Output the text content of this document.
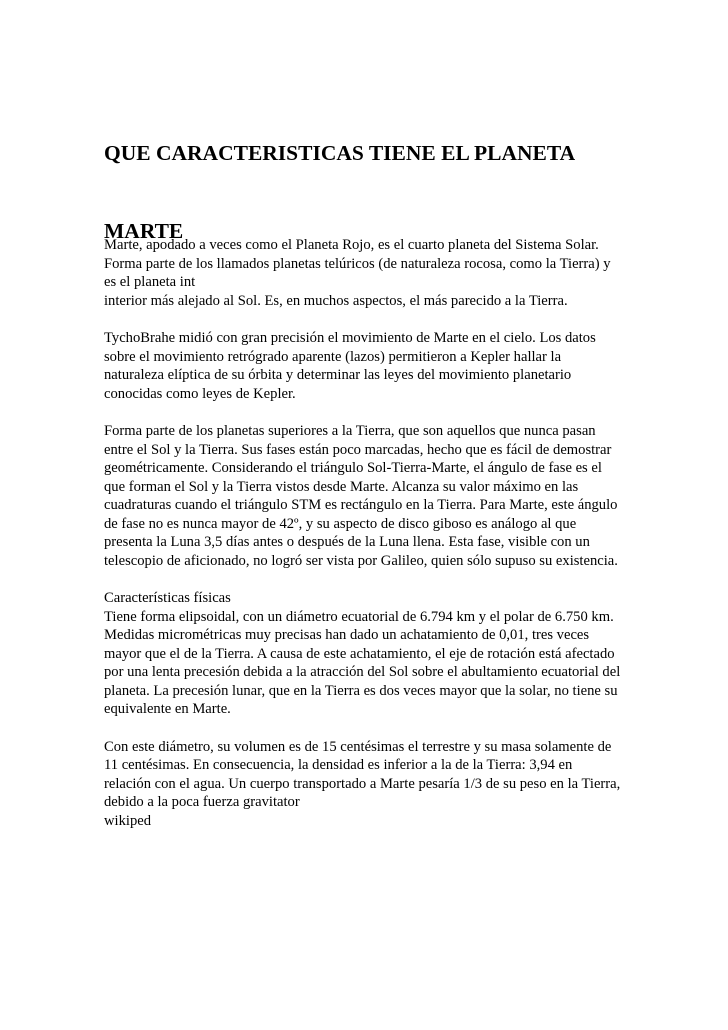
QUE CARACTERISTICAS TIENE EL PLANETA

MARTE

Marte, apodado a veces como el Planeta Rojo, es el cuarto planeta del Sistema Solar.
Forma parte de los llamados planetas telúricos (de naturaleza rocosa, como la Tierra) y
es el planeta int
interior más alejado al Sol. Es, en muchos aspectos, el más parecido a la Tierra.

TychoBrahe midió con gran precisión el movimiento de Marte en el cielo. Los datos
sobre el movimiento retrógrado aparente (lazos) permitieron a Kepler hallar la
naturaleza elíptica de su órbita y determinar las leyes del movimiento planetario
conocidas como leyes de Kepler.

Forma parte de los planetas superiores a la Tierra, que son aquellos que nunca pasan
entre el Sol y la Tierra. Sus fases están poco marcadas, hecho que es fácil de demostrar
geométricamente. Considerando el triángulo Sol-Tierra-Marte, el ángulo de fase es el
que forman el Sol y la Tierra vistos desde Marte. Alcanza su valor máximo en las
cuadraturas cuando el triángulo STM es rectángulo en la Tierra. Para Marte, este ángulo
de fase no es nunca mayor de 42º, y su aspecto de disco giboso es análogo al que
presenta la Luna 3,5 días antes o después de la Luna llena. Esta fase, visible con un
telescopio de aficionado, no logró ser vista por Galileo, quien sólo supuso su existencia.

Características físicas
Tiene forma elipsoidal, con un diámetro ecuatorial de 6.794 km y el polar de 6.750 km.
Medidas micrométricas muy precisas han dado un achatamiento de 0,01, tres veces
mayor que el de la Tierra. A causa de este achatamiento, el eje de rotación está afectado
por una lenta precesión debida a la atracción del Sol sobre el abultamiento ecuatorial del
planeta. La precesión lunar, que en la Tierra es dos veces mayor que la solar, no tiene su
equivalente en Marte.

Con este diámetro, su volumen es de 15 centésimas el terrestre y su masa solamente de
11 centésimas. En consecuencia, la densidad es inferior a la de la Tierra: 3,94 en
relación con el agua. Un cuerpo transportado a Marte pesaría 1/3 de su peso en la Tierra,
debido a la poca fuerza gravitator
wikiped
